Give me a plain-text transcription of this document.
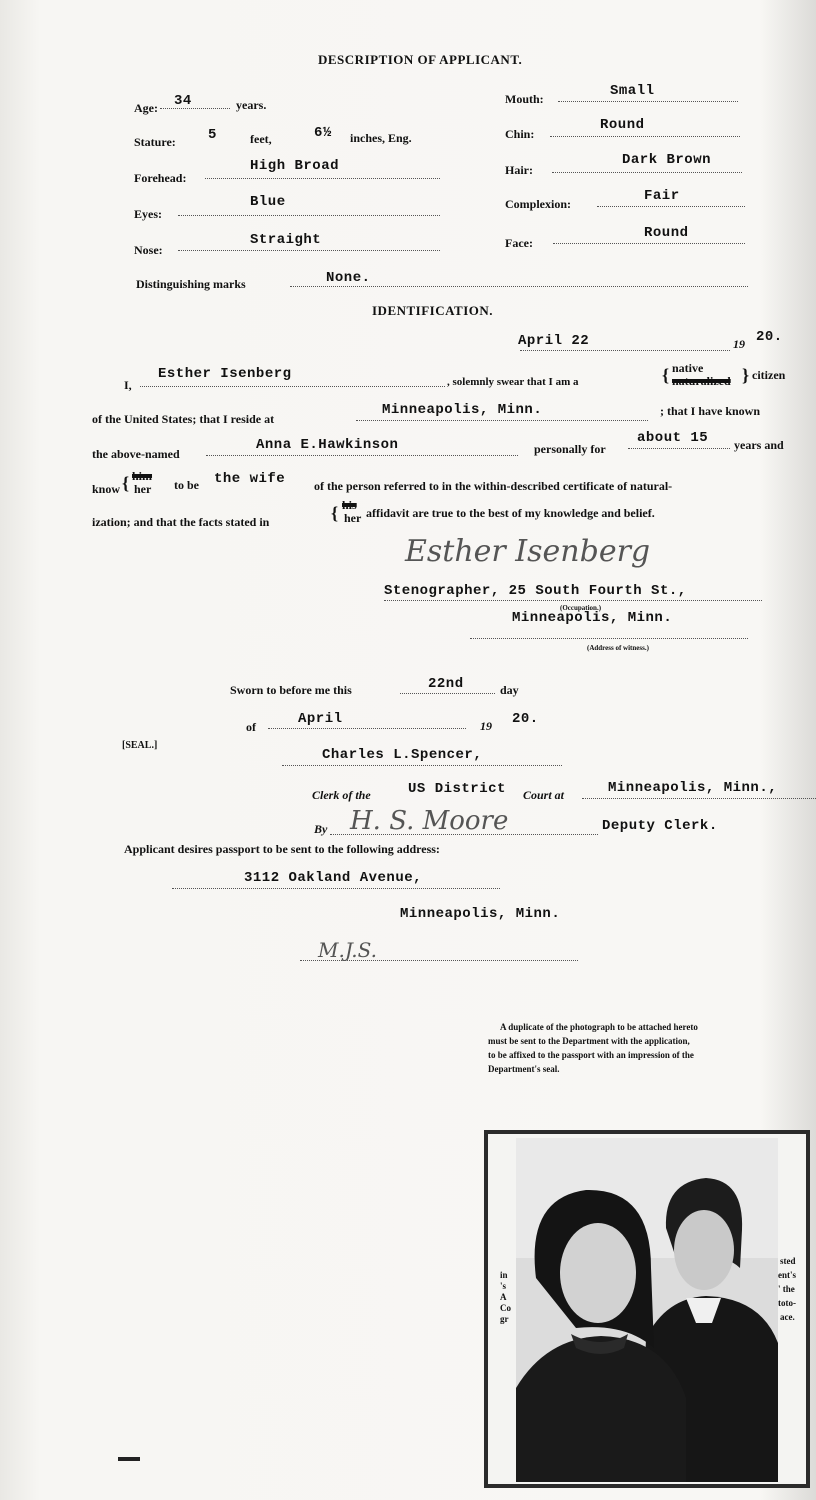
DESCRIPTION OF APPLICANT.
Age: 34	years.
Stature: 5	feet,	6½ inches, Eng.
Forehead:
High Broad
Eyes:
Blue
Nose:
Straight
Mouth:	Small
Chin:
Round
Hair:
Dark Brown
Complexion:	Fair
Face:
Round
Distinguishing marks	None.
IDENTIFICATION.
April 22	19 20.
I,
Esther Isenberg	, solemnly swear that I am a	{ native
naturalized } citizen
of the United States; that I reside at
Minneapolis, Minn.	; that I have known
the above-named
Anna E.Hawkinson	personally for
about 15 years and
know { him
her to be the wife of the person referred to in the within-described certificate of natural-
ization; and that the facts stated in	{ his
her affidavit are true to the best of my knowledge and belief.
Esther Isenberg
Stenographer, 25 South Fourth St.,
(Occupation.)
Minneapolis, Minn.
(Address of witness.)
Sworn to before me this	22nd	day
of	April	19 20.
[SEAL.]
Charles L.Spencer,
Clerk of the	US District Court at	Minneapolis, Minn.,
By H. S. Moore	Deputy Clerk.
Applicant desires passport to be sent to the following address:
3112 Oakland Avenue,
Minneapolis, Minn.
M.J.S.
A duplicate of the photograph to be attached hereto
must be sent to the Department with the application,
to be affixed to the passport with an impression of the
Department's seal.
in
's
A
Co
gr
sted
ent's
' the
toto-
ace.
